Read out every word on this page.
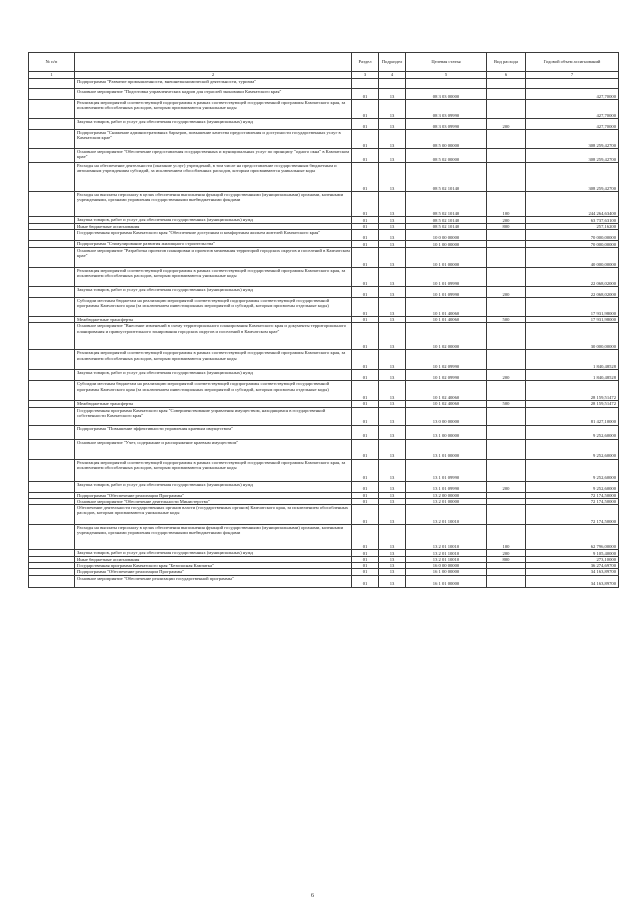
№ п/п		Раздел	Подраздел	Целевая статья	Вид расхода	Годовой объем ассигнований
1	2	3	4	5	6	7
	Подпрограмма "Развитие промышленности, внешнеэкономической деятельности, туризма"					
	Основное мероприятие "Подготовка управленческих кадров для отраслей экономики Камчатского края"	01	13	08 3 03 00000		427,70000
	Реализация мероприятий соответствующей подпрограммы в рамках соответствующей государственной программы Камчатского края, за исключением обособленных расходов, которым присваиваются уникальные коды	01	13	08 3 03 09990		427,70000
	Закупка товаров, работ и услуг для обеспечения государственных (муниципальных) нужд	01	13	08 3 03 09990	200	427,70000
	Подпрограмма "Снижение административных барьеров, повышение качества предоставления и доступности государственных услуг в Камчатском крае"	01	13	08 5 00 00000		308 259,42700
	Основное мероприятие "Обеспечение предоставления государственных и муниципальных услуг по принципу "одного окна" в Камчатском крае"	01	13	08 5 02 00000		308 259,42700
	Расходы на обеспечение деятельности (оказание услуг) учреждений, в том числе на предоставление государственным бюджетным и автономным учреждениям субсидий, за исключением обособленных расходов, которым присваиваются уникальные коды	01	13	08 5 02 10140		308 259,42700
	Расходы на выплаты персоналу в целях обеспечения выполнения функций государственными (муниципальными) органами, казенными учреждениями, органами управления государственными внебюджетными фондами	01	13	08 5 02 10140	100	244 264,63400
	Закупка товаров, работ и услуг для обеспечения государственных (муниципальных) нужд	01	13	08 5 02 10140	200	63 737,63100
	Иные бюджетные ассигнования	01	13	08 5 02 10140	800	257,16200
	Государственная программа Камчатского края "Обеспечение доступным и комфортным жильем жителей Камчатского края"	01	13	10 0 00 00000		70 000,00000
	Подпрограмма "Стимулирование развития жилищного строительства"	01	13	10 1 00 00000		70 000,00000
	Основное мероприятие "Разработка проектов планировки и проектов межевания территорий городских округов и поселений в Камчатском крае"	01	13	10 1 01 00000		40 000,00000
	Реализация мероприятий соответствующей подпрограммы в рамках соответствующей государственной программы Камчатского края, за исключением обособленных расходов, которым присваиваются уникальные коды	01	13	10 1 01 09990		22 068,02000
	Закупка товаров, работ и услуг для обеспечения государственных (муниципальных) нужд	01	13	10 1 01 09990	200	22 068,02000
	Субсидии местным бюджетам на реализацию мероприятий соответствующей подпрограммы соответствующей государственной программы Камчатского края (за исключением инвестиционных мероприятий и субсидий, которым присвоены отдельные коды)	01	13	10 1 01 40060		17 931,98000
	Межбюджетные трансферты	01	13	10 1 01 40060	500	17 931,98000
	Основное мероприятие "Внесение изменений в схему территориального планирования Камчатского края и документы территориального планирования и правоустроительного зонирования городских округов и поселений в Камчатском крае"	01	13	10 1 02 00000		30 000,00000
	Реализация мероприятий соответствующей подпрограммы в рамках соответствующей государственной программы Камчатского края, за исключением обособленных расходов, которым присваиваются уникальные коды	01	13	10 1 02 09990		1 840,48528
	Закупка товаров, работ и услуг для обеспечения государственных (муниципальных) нужд	01	13	10 1 02 09990	200	1 840,48528
	Субсидии местным бюджетам на реализацию мероприятий соответствующей подпрограммы соответствующей государственной программы Камчатского края (за исключением инвестиционных мероприятий и субсидий, которым присвоены отдельные коды)	01	13	10 1 02 40060		28 159,51472
	Межбюджетные трансферты	01	13	10 1 02 40060	500	28 159,51472
	Государственная программа Камчатского края "Совершенствование управления имуществом, находящимся в государственной собственности Камчатского края"	01	13	13 0 00 00000		81 427,10000
	Подпрограмма "Повышение эффективности управления краевым имуществом"	01	13	13 1 00 00000		9 252,60000
	Основное мероприятие "Учет, содержание и распоряжение краевым имуществом"	01	13	13 1 01 00000		9 252,60000
	Реализация мероприятий соответствующей подпрограммы в рамках соответствующей государственной программы Камчатского края, за исключением обособленных расходов, которым присваиваются уникальные коды	01	13	13 1 01 09990		9 252,60000
	Закупка товаров, работ и услуг для обеспечения государственных (муниципальных) нужд	01	13	13 1 01 09990	200	9 252,60000
	Подпрограмма "Обеспечение реализации Программы"	01	13	13 2 00 00000		72 174,50000
	Основное мероприятие "Обеспечение деятельности Министерства"	01	13	13 2 01 00000		72 174,50000
	Обеспечение деятельности государственных органов власти (государственных органов) Камчатского края, за исключением обособленных расходов, которым присваиваются уникальные коды	01	13	13 2 01 10010		72 174,50000
	Расходы на выплаты персоналу в целях обеспечения выполнения функций государственными (муниципальными) органами, казенными учреждениями, органами управления государственными внебюджетными фондами	01	13	13 2 01 10010	100	62 796,00000
	Закупка товаров, работ и услуг для обеспечения государственных (муниципальных) нужд	01	13	13 2 01 10010	200	9 105,40000
	Иные бюджетные ассигнования	01	13	13 2 01 10010	800	273,10000
	Государственная программа Камчатского края "Безопасная Камчатка"	01	13	16 0 00 00000		36 274,69700
	Подпрограмма "Обеспечение реализации Программы"	01	13	16 1 00 00000		34 163,89700
	Основное мероприятие "Обеспечение реализации государственной программы"	01	13	16 1 01 00000		34 163,89700
6
